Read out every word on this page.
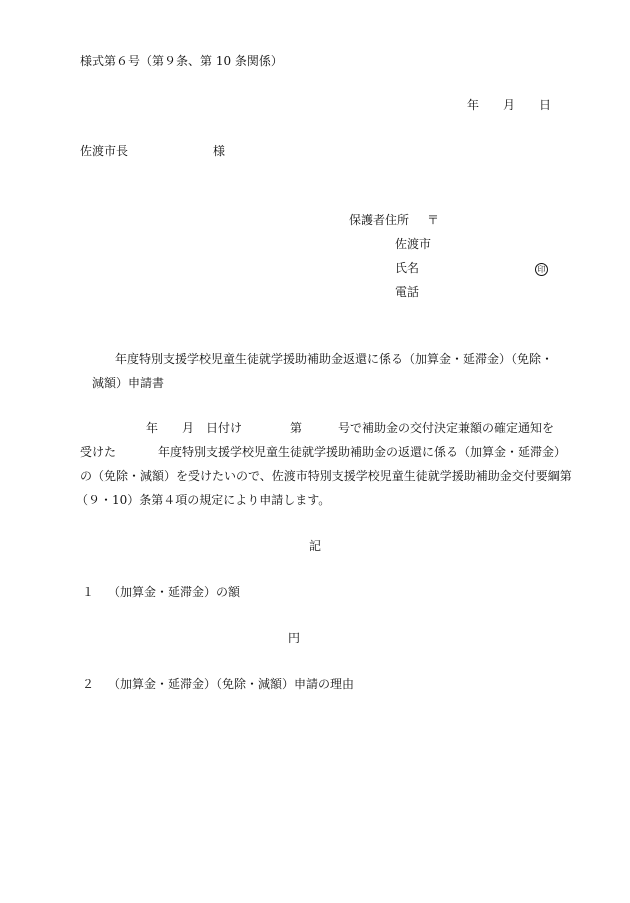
様式第６号（第９条、第 10 条関係）
年 月 日
佐渡市長	様
保護者住所 〒
佐渡市
氏名	印
電話
年度特別支援学校児童生徒就学援助補助金返還に係る（加算金・延滞金）（免除・
減額）申請書
年 月 日付け	第	号で補助金の交付決定兼額の確定通知を
受けた	年度特別支援学校児童生徒就学援助補助金の返還に係る（加算金・延滞金）
の（免除・減額）を受けたいので、佐渡市特別支援学校児童生徒就学援助補助金交付要綱第
（９・10）条第４項の規定により申請します。
記
１ （加算金・延滞金）の額
円
２ （加算金・延滞金）（免除・減額）申請の理由
